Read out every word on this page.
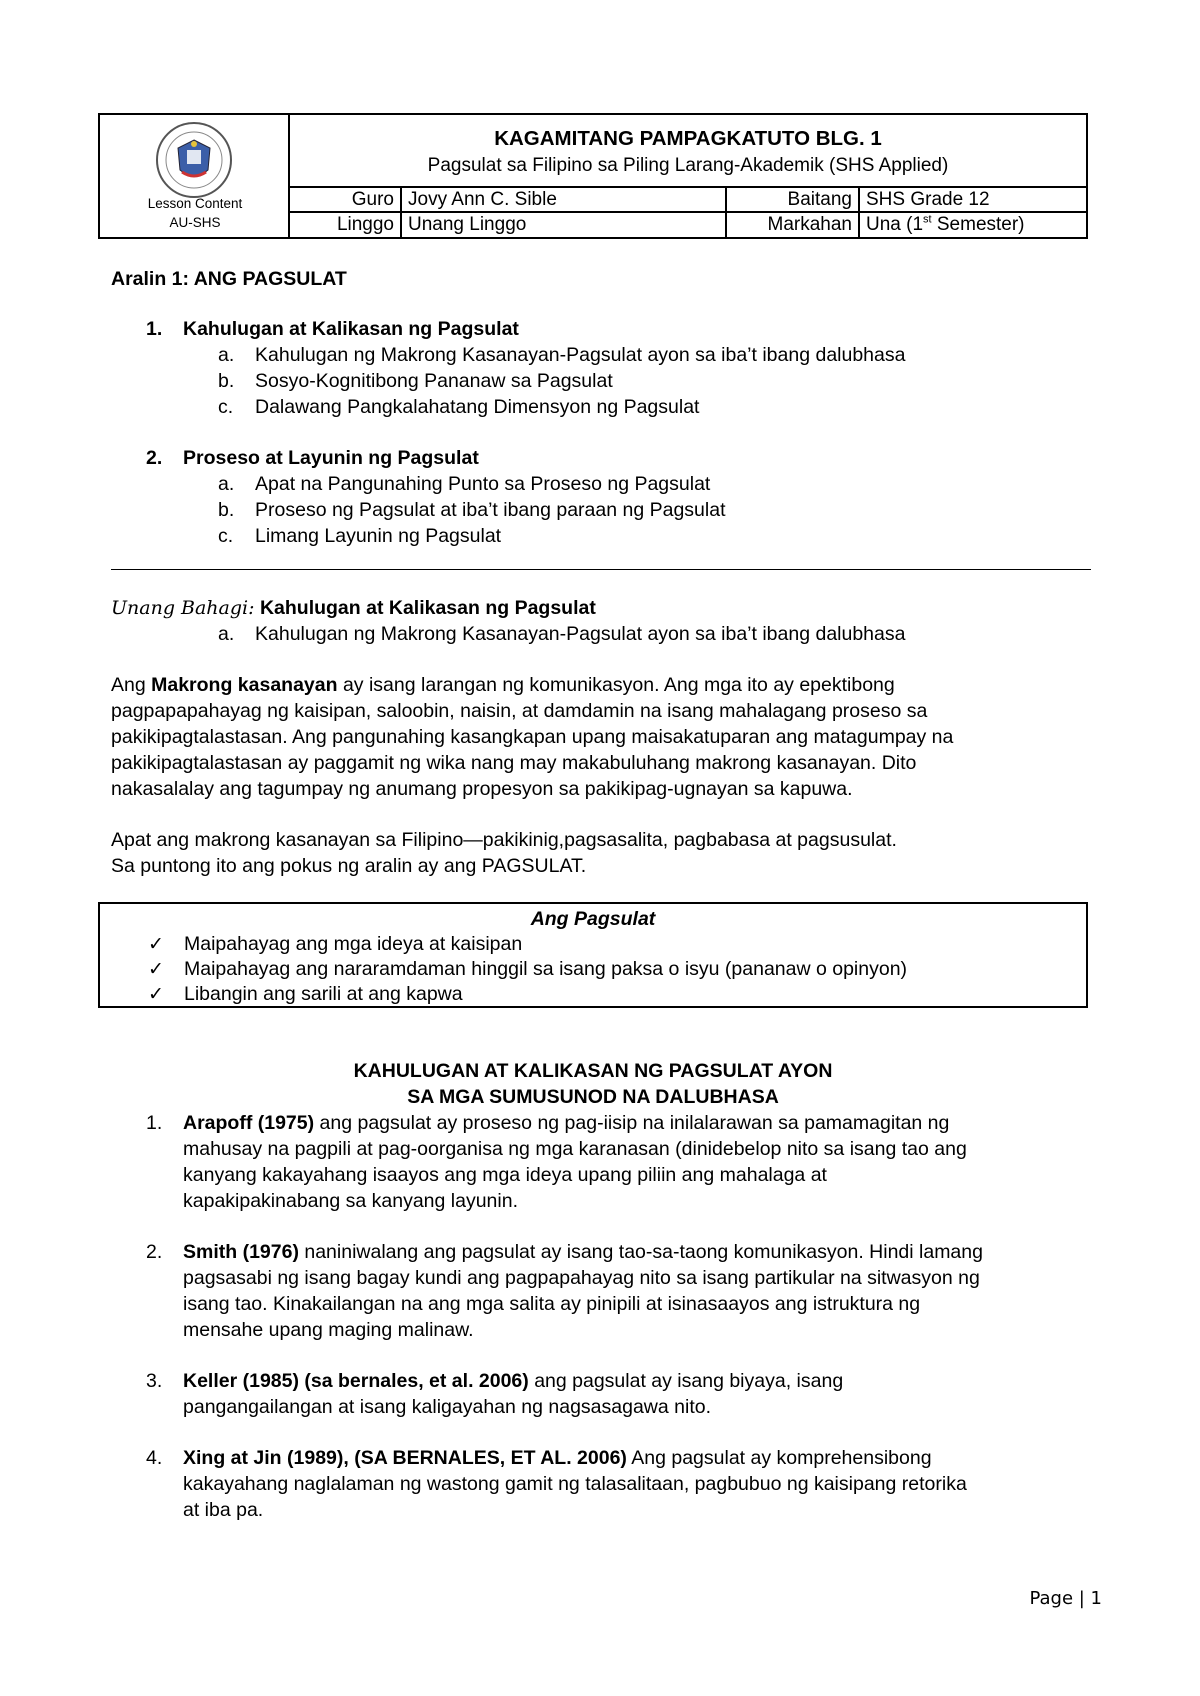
Lesson Content
AU-SHS
KAGAMITANG PAMPAGKATUTO BLG. 1
Pagsulat sa Filipino sa Piling Larang-Akademik (SHS Applied)
Guro Jovy Ann C. Sible	Baitang SHS Grade 12
Linggo Unang Linggo	Markahan Una (1st Semester)
Aralin 1: ANG PAGSULAT
1. Kahulugan at Kalikasan ng Pagsulat
a. Kahulugan ng Makrong Kasanayan-Pagsulat ayon sa iba’t ibang dalubhasa
b. Sosyo-Kognitibong Pananaw sa Pagsulat
c. Dalawang Pangkalahatang Dimensyon ng Pagsulat
2. Proseso at Layunin ng Pagsulat
a. Apat na Pangunahing Punto sa Proseso ng Pagsulat
b. Proseso ng Pagsulat at iba’t ibang paraan ng Pagsulat
c. Limang Layunin ng Pagsulat
Unang Bahagi: Kahulugan at Kalikasan ng Pagsulat
a. Kahulugan ng Makrong Kasanayan-Pagsulat ayon sa iba’t ibang dalubhasa
Ang Makrong kasanayan ay isang larangan ng komunikasyon. Ang mga ito ay epektibong
pagpapapahayag ng kaisipan, saloobin, naisin, at damdamin na isang mahalagang proseso sa
pakikipagtalastasan. Ang pangunahing kasangkapan upang maisakatuparan ang matagumpay na
pakikipagtalastasan ay paggamit ng wika nang may makabuluhang makrong kasanayan. Dito
nakasalalay ang tagumpay ng anumang propesyon sa pakikipag-ugnayan sa kapuwa.
Apat ang makrong kasanayan sa Filipino—pakikinig,pagsasalita, pagbabasa at pagsusulat.
Sa puntong ito ang pokus ng aralin ay ang PAGSULAT.
Ang Pagsulat
✓ Maipahayag ang mga ideya at kaisipan
✓ Maipahayag ang nararamdaman hinggil sa isang paksa o isyu (pananaw o opinyon)
✓ Libangin ang sarili at ang kapwa
KAHULUGAN AT KALIKASAN NG PAGSULAT AYON
SA MGA SUMUSUNOD NA DALUBHASA
1. Arapoff (1975) ang pagsulat ay proseso ng pag-iisip na inilalarawan sa pamamagitan ng
mahusay na pagpili at pag-oorganisa ng mga karanasan (dinidebelop nito sa isang tao ang
kanyang kakayahang isaayos ang mga ideya upang piliin ang mahalaga at
kapakipakinabang sa kanyang layunin.
2. Smith (1976) naniniwalang ang pagsulat ay isang tao-sa-taong komunikasyon. Hindi lamang
pagsasabi ng isang bagay kundi ang pagpapahayag nito sa isang partikular na sitwasyon ng
isang tao. Kinakailangan na ang mga salita ay pinipili at isinasaayos ang istruktura ng
mensahe upang maging malinaw.
3. Keller (1985) (sa bernales, et al. 2006) ang pagsulat ay isang biyaya, isang
pangangailangan at isang kaligayahan ng nagsasagawa nito.
4. Xing at Jin (1989), (SA BERNALES, ET AL. 2006) Ang pagsulat ay komprehensibong
kakayahang naglalaman ng wastong gamit ng talasalitaan, pagbubuo ng kaisipang retorika
at iba pa.
Page | 1
